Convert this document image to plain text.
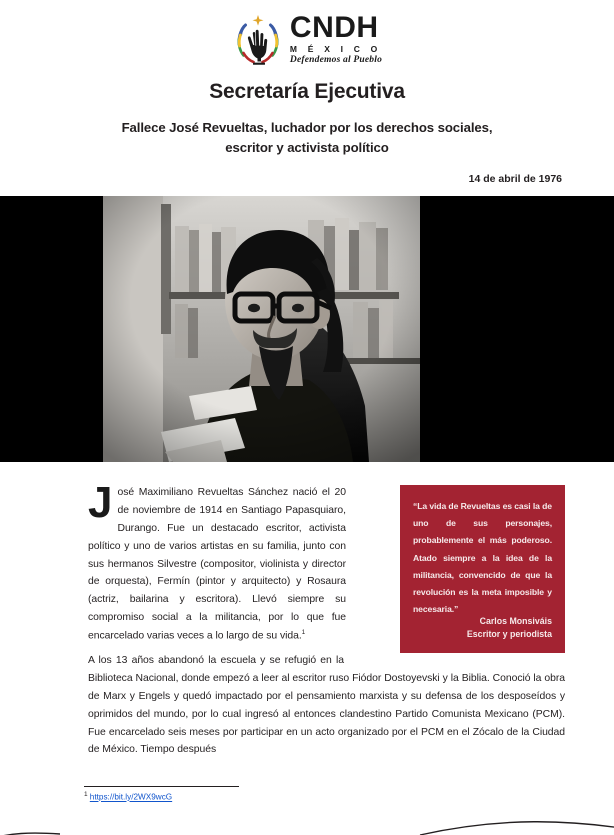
CNDH
M É X I C O
Defendemos al Pueblo
Secretaría Ejecutiva
Fallece José Revueltas, luchador por los derechos sociales,
escritor y activista político
14 de abril de 1976
“La vida de Revueltas es casi la de uno de sus personajes, probablemente el más poderoso. Atado siempre a la idea de la militancia, convencido de que la revolución es la meta imposible y necesaria.”
Carlos Monsiváis
Escritor y periodista
J osé Maximiliano Revueltas Sánchez nació el 20 de noviembre de 1914 en Santiago Papasquiaro, Durango. Fue un destacado escritor, activista político y uno de varios artistas en su familia, junto con sus hermanos Silvestre (compositor, violinista y director de orquesta), Fermín (pintor y arquitecto) y Rosaura (actriz, bailarina y escritora). Llevó siempre su compromiso social a la militancia, por lo que fue encarcelado varias veces a lo largo de su vida.$^1$

A los 13 años abandonó la escuela y se refugió en la Biblioteca Nacional, donde empezó a leer al escritor ruso Fiódor Dostoyevski y la Biblia. Conoció la obra de Marx y Engels y quedó impactado por el pensamiento marxista y su defensa de los desposeídos y oprimidos del mundo, por lo cual ingresó al entonces clandestino Partido Comunista Mexicano (PCM). Fue encarcelado seis meses por participar en un acto organizado por el PCM en el Zócalo de la Ciudad de México. Tiempo después

$^1$ https://bit.ly/2WX9wcG
